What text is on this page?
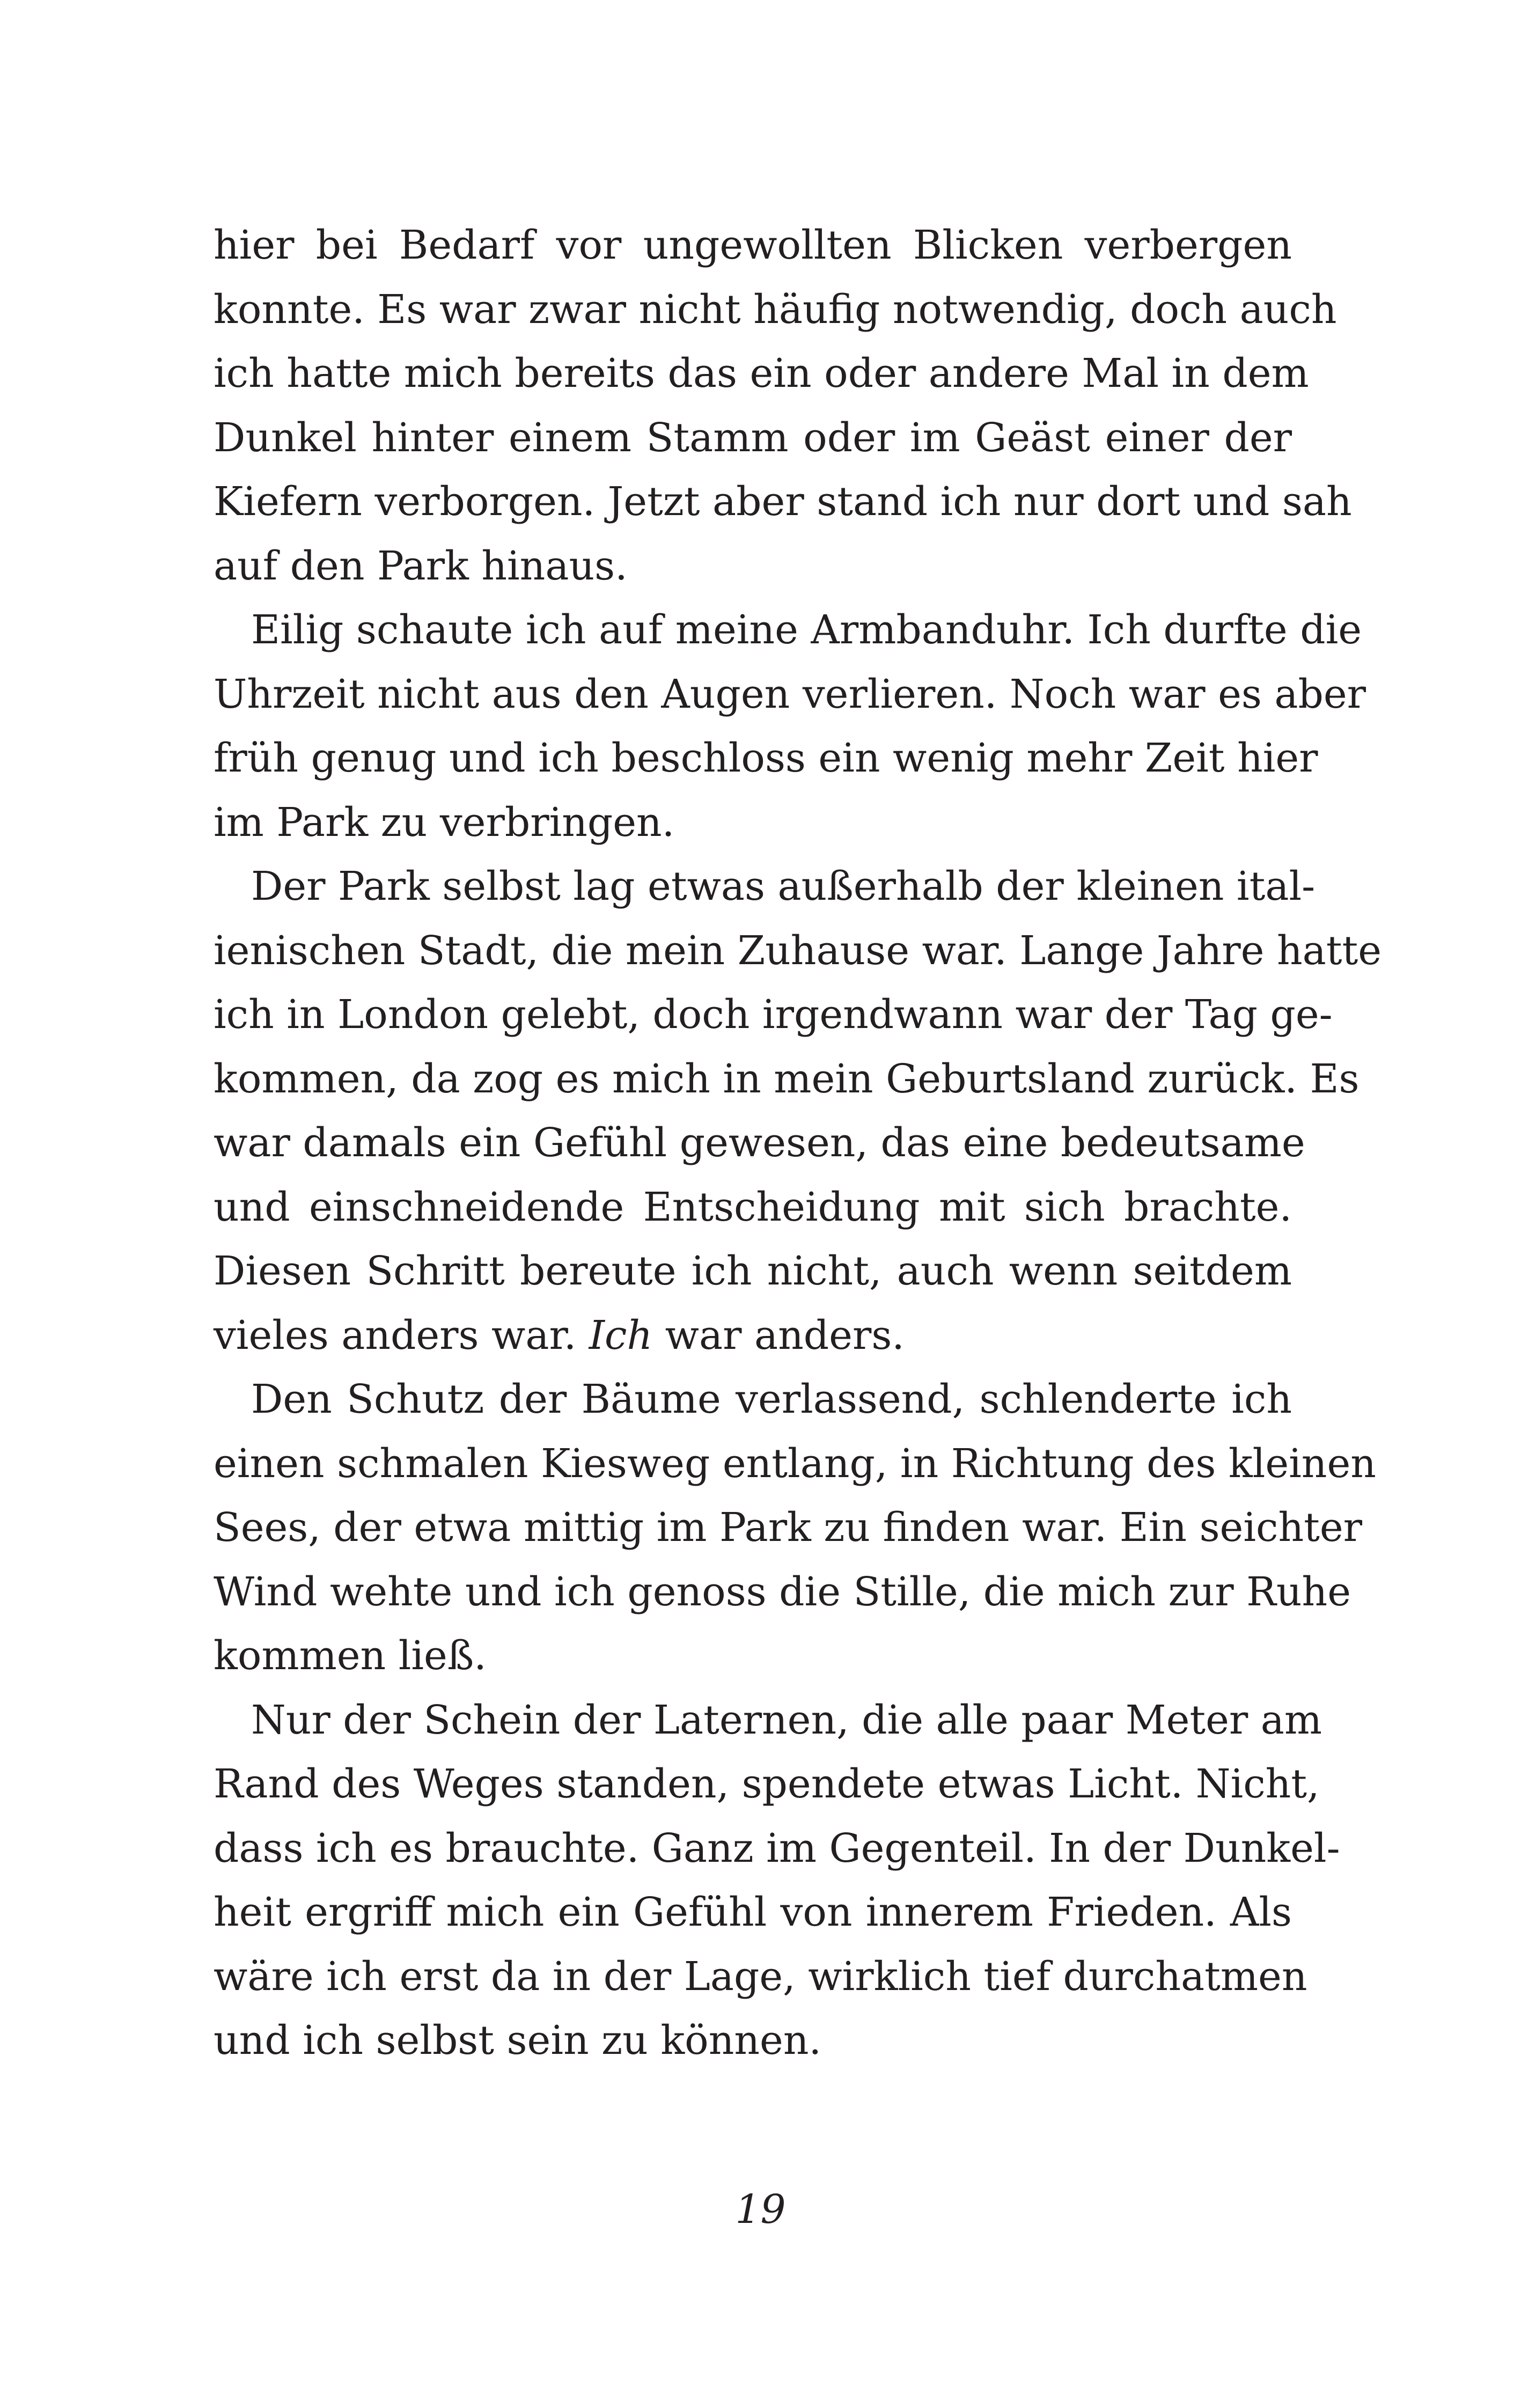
hier bei Bedarf vor ungewollten Blicken verbergen
konnte. Es war zwar nicht häufig notwendig, doch auch
ich hatte mich bereits das ein oder andere Mal in dem
Dunkel hinter einem Stamm oder im Geäst einer der
Kiefern verborgen. Jetzt aber stand ich nur dort und sah
auf den Park hinaus.
Eilig schaute ich auf meine Armbanduhr. Ich durfte die
Uhrzeit nicht aus den Augen verlieren. Noch war es aber
früh genug und ich beschloss ein wenig mehr Zeit hier
im Park zu verbringen.
Der Park selbst lag etwas außerhalb der kleinen ital-
ienischen Stadt, die mein Zuhause war. Lange Jahre hatte
ich in London gelebt, doch irgendwann war der Tag ge-
kommen, da zog es mich in mein Geburtsland zurück. Es
war damals ein Gefühl gewesen, das eine bedeutsame
und einschneidende Entscheidung mit sich brachte.
Diesen Schritt bereute ich nicht, auch wenn seitdem
vieles anders war. Ich war anders.
Den Schutz der Bäume verlassend, schlenderte ich
einen schmalen Kiesweg entlang, in Richtung des kleinen
Sees, der etwa mittig im Park zu finden war. Ein seichter
Wind wehte und ich genoss die Stille, die mich zur Ruhe
kommen ließ.
Nur der Schein der Laternen, die alle paar Meter am
Rand des Weges standen, spendete etwas Licht. Nicht,
dass ich es brauchte. Ganz im Gegenteil. In der Dunkel-
heit ergriff mich ein Gefühl von innerem Frieden. Als
wäre ich erst da in der Lage, wirklich tief durchatmen
und ich selbst sein zu können.
19
